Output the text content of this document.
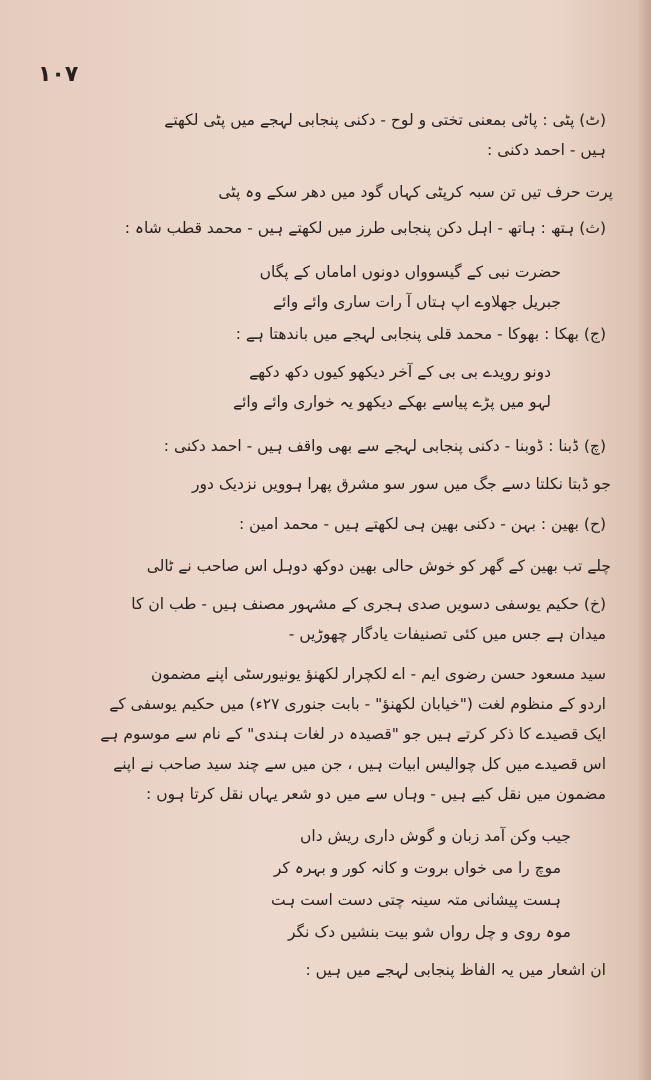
۱۰۷
(ٹ) پٹی : پاٹی بمعنی تختی و لوح - دکنی پنجابی لہجے میں پٹی لکھتے
ہیں - احمد دکنی :
پرت حرف تیں تن سبہ کرپٹی کہاں گود میں دھر سکے وہ پٹی
(ث) ہتھ : ہاتھ - اہل دکن پنجابی طرز میں لکھتے ہیں - محمد قطب شاہ :
حضرت نبی کے گیسوواں دونوں اماماں کے پگاں
جبریل جھلاوے اپ ہتاں آ رات ساری وائے وائے
(ج) بھکا : بھوکا - محمد قلی پنجابی لہجے میں باندھتا ہے :
دونو رویدے بی بی کے آخر دیکھو کیوں دکھ دکھے
لہو میں پڑے پیاسے بھکے دیکھو یہ خواری وائے وائے
(چ) ڈبنا : ڈوبنا - دکنی پنجابی لہجے سے بھی واقف ہیں - احمد دکنی :
جو ڈبتا نکلتا دسے جگ میں سور سو مشرق پھرا ہوویں نزدیک دور
(ح) بھین : بہن - دکنی بھین ہی لکھتے ہیں - محمد امین :
چلے تب بھین کے گھر کو خوش حالی بھین دوکھ دوہل اس صاحب نے ٹالی
(خ) حکیم یوسفی دسویں صدی ہجری کے مشہور مصنف ہیں - طب ان کا
میدان ہے جس میں کئی تصنیفات یادگار چھوڑیں -
سید مسعود حسن رضوی ایم - اے لکچرار لکھنؤ یونیورسٹی اپنے مضمون
اردو کے منظوم لغت ("خیابان لکھنؤ" - بابت جنوری ۲۷ء) میں حکیم یوسفی کے
ایک قصیدے کا ذکر کرتے ہیں جو "قصیدہ در لغات ہندی" کے نام سے موسوم ہے
اس قصیدے میں کل چوالیس ابیات ہیں ، جن میں سے چند سید صاحب نے اپنے
مضمون میں نقل کیے ہیں - وہاں سے میں دو شعر یہاں نقل کرتا ہوں :
جیب وکن آمد زبان و گوش داری ریش داں
موچ را می خواں بروت و کانہ کور و بہرہ کر
ہست پیشانی متہ سینہ چتی دست است ہت
موہ روی و چل رواں شو بیت بنشیں دک نگر
ان اشعار میں یہ الفاظ پنجابی لہجے میں ہیں :
